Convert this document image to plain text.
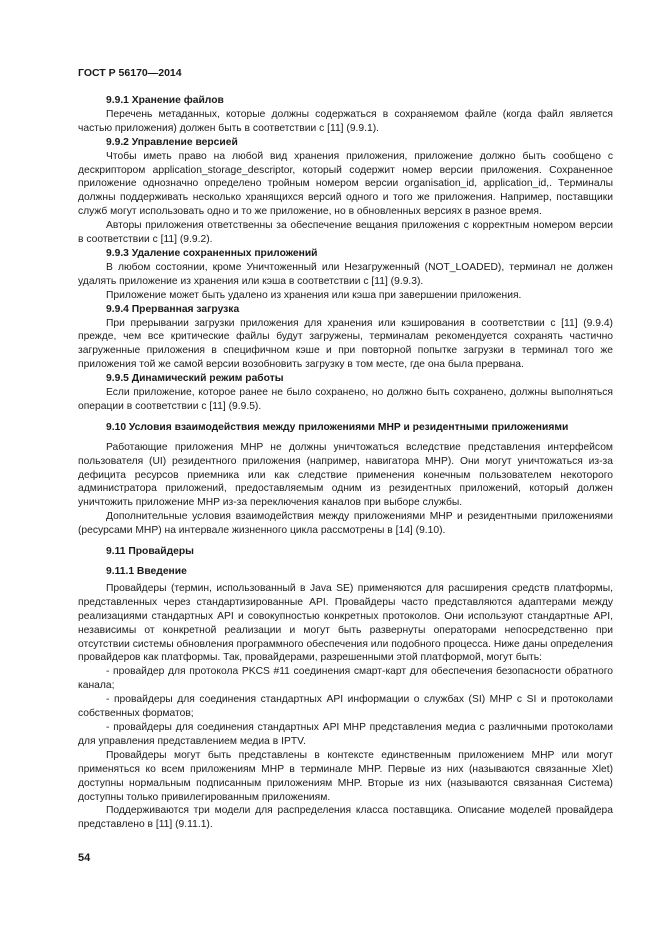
ГОСТ Р 56170—2014

9.9.1 Хранение файлов

Перечень метаданных, которые должны содержаться в сохраняемом файле (когда файл является частью приложения) должен быть в соответствии с [11] (9.9.1).

9.9.2 Управление версией

Чтобы иметь право на любой вид хранения приложения, приложение должно быть сообщено с дескриптором application_storage_descriptor, который содержит номер версии приложения. Сохраненное приложение однозначно определено тройным номером версии organisation_id, application_id,. Терминалы должны поддерживать несколько хранящихся версий одного и того же приложения. Например, поставщики служб могут использовать одно и то же приложение, но в обновленных версиях в разное время.

Авторы приложения ответственны за обеспечение вещания приложения с корректным номером версии в соответствии с [11] (9.9.2).

9.9.3 Удаление сохраненных приложений

В любом состоянии, кроме Уничтоженный или Незагруженный (NOT_LOADED), терминал не должен удалять приложение из хранения или кэша в соответствии с [11] (9.9.3).

Приложение может быть удалено из хранения или кэша при завершении приложения.

9.9.4 Прерванная загрузка

При прерывании загрузки приложения для хранения или кэширования в соответствии с [11] (9.9.4) прежде, чем все критические файлы будут загружены, терминалам рекомендуется сохранять частично загруженные приложения в специфичном кэше и при повторной попытке загрузки в терминал того же приложения той же самой версии возобновить загрузку в том месте, где она была прервана.

9.9.5 Динамический режим работы

Если приложение, которое ранее не было сохранено, но должно быть сохранено, должны выполняться операции в соответствии с [11] (9.9.5).

9.10 Условия взаимодействия между приложениями MHP и резидентными приложениями

Работающие приложения MHP не должны уничтожаться вследствие представления интерфейсом пользователя (UI) резидентного приложения (например, навигатора MHP). Они могут уничтожаться из-за дефицита ресурсов приемника или как следствие применения конечным пользователем некоторого администратора приложений, предоставляемым одним из резидентных приложений, который должен уничтожить приложение MHP из-за переключения каналов при выборе службы.

Дополнительные условия взаимодействия между приложениями MHP и резидентными приложениями (ресурсами MHP) на интервале жизненного цикла рассмотрены в [14] (9.10).

9.11 Провайдеры

9.11.1 Введение

Провайдеры (термин, использованный в Java SE) применяются для расширения средств платформы, представленных через стандартизированные API. Провайдеры часто представляются адаптерами между реализациями стандартных API и совокупностью конкретных протоколов. Они используют стандартные API, независимы от конкретной реализации и могут быть развернуты операторами непосредственно при отсутствии системы обновления программного обеспечения или подобного процесса. Ниже даны определения провайдеров как платформы. Так, провайдерами, разрешенными этой платформой, могут быть:

- провайдер для протокола PKCS #11 соединения смарт-карт для обеспечения безопасности обратного канала;

- провайдеры для соединения стандартных API информации о службах (SI) MHP с SI и протоколами собственных форматов;

- провайдеры для соединения стандартных API MHP представления медиа с различными протоколами для управления представлением медиа в IPTV.

Провайдеры могут быть представлены в контексте единственным приложением MHP или могут применяться ко всем приложениям MHP в терминале MHP. Первые из них (называются связанные Xlet) доступны нормальным подписанным приложениям MHP. Вторые из них (называются связанная Система) доступны только привилегированным приложениям.

Поддерживаются три модели для распределения класса поставщика. Описание моделей провайдера представлено в [11] (9.11.1).

54
